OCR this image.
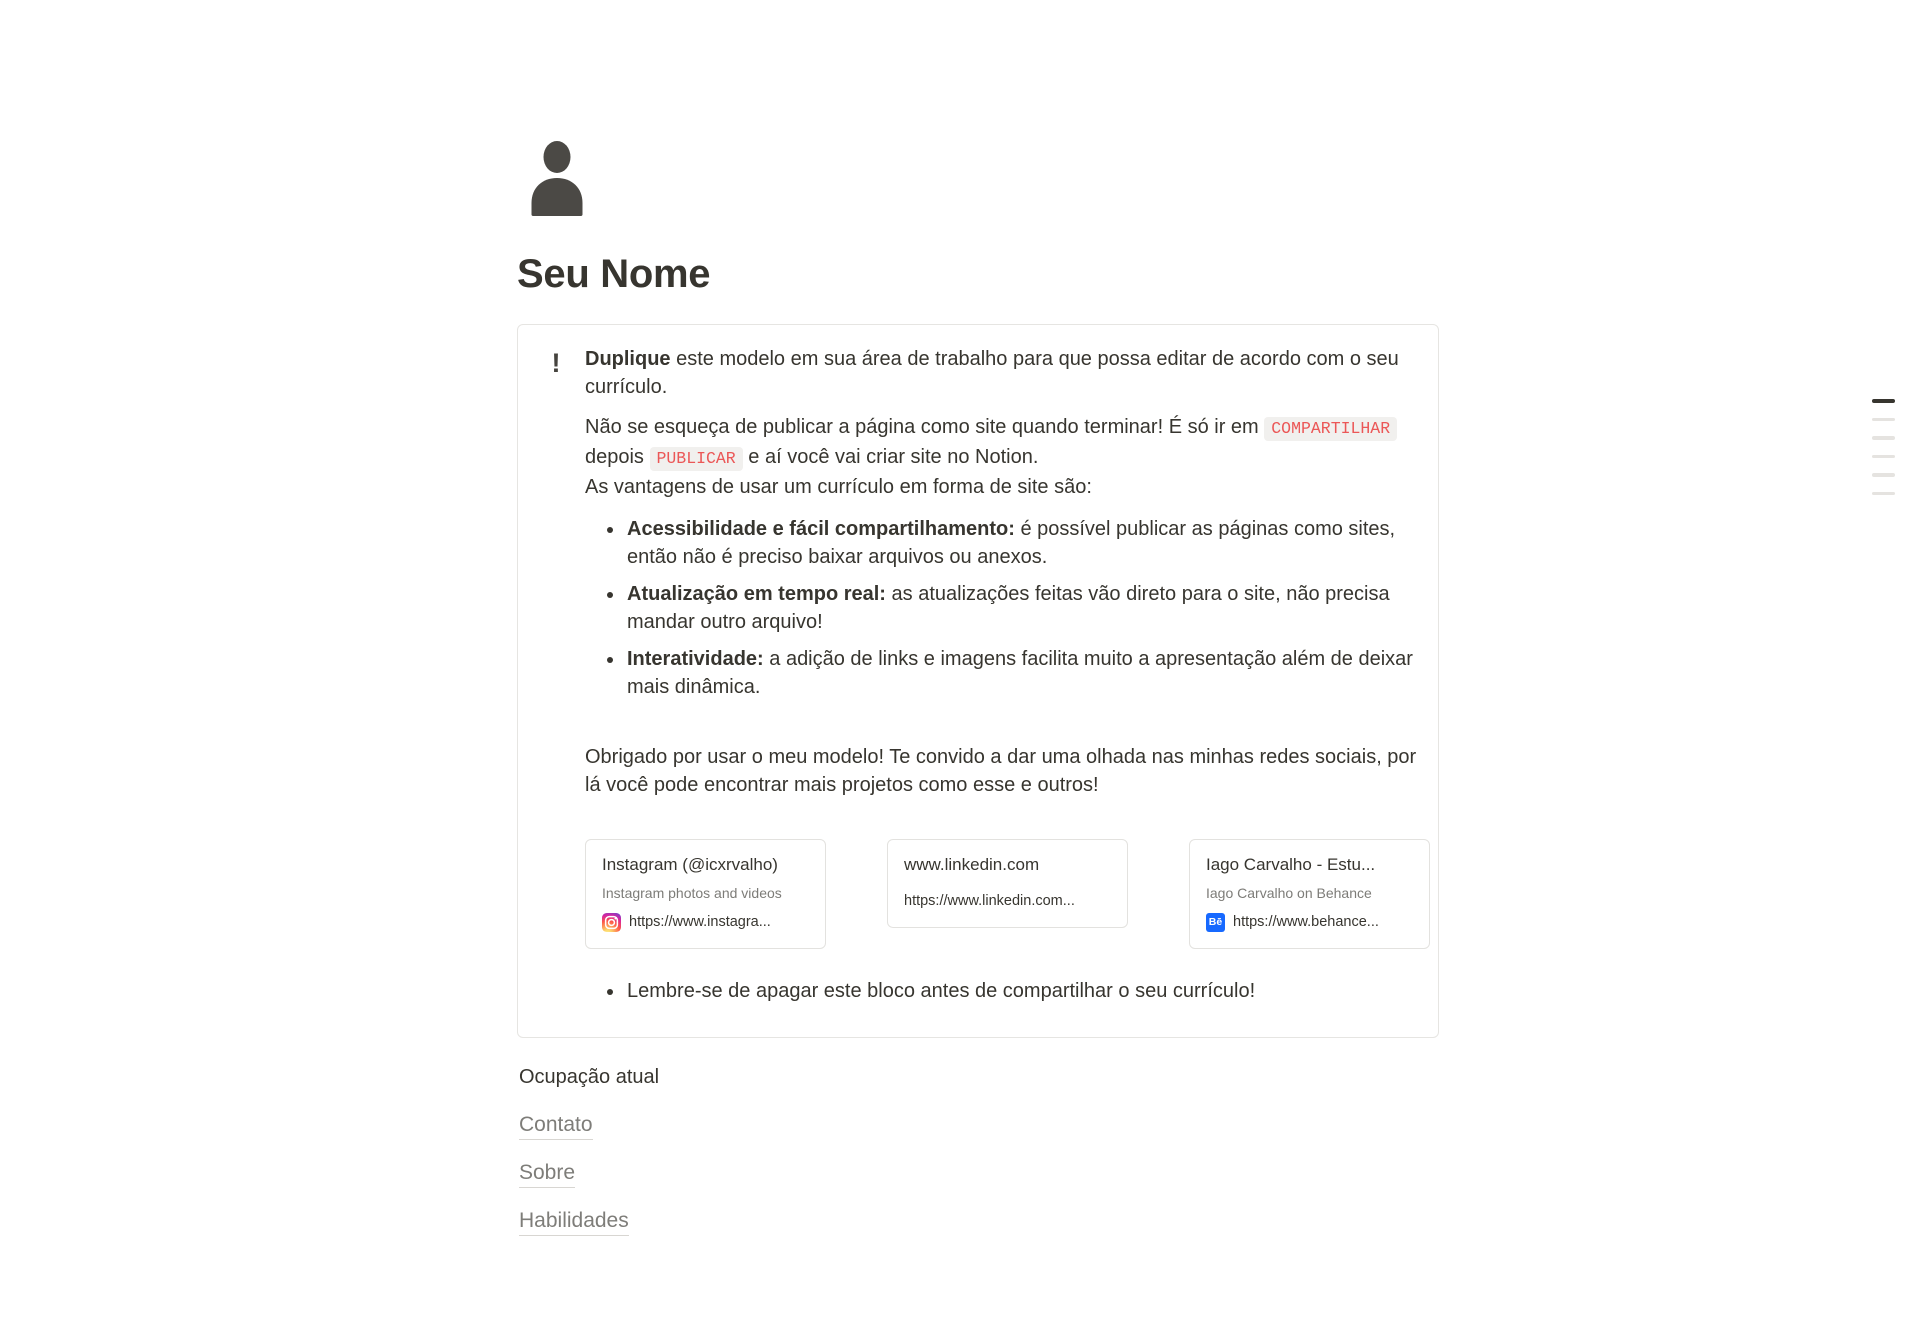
Seu Nome
!	Duplique este modelo em sua área de trabalho para que possa editar de acordo com o seu currículo.

Não se esqueça de publicar a página como site quando terminar! É só ir em COMPARTILHAR
depois PUBLICAR e aí você vai criar site no Notion.
As vantagens de usar um currículo em forma de site são:

• Acessibilidade e fácil compartilhamento: é possível publicar as páginas como sites, então não é preciso baixar arquivos ou anexos.
• Atualização em tempo real: as atualizações feitas vão direto para o site, não precisa mandar outro arquivo!
• Interatividade: a adição de links e imagens facilita muito a apresentação além de deixar mais dinâmica.

Obrigado por usar o meu modelo! Te convido a dar uma olhada nas minhas redes sociais, por lá você pode encontrar mais projetos como esse e outros!

Instagram (@icxrvalho)
Instagram photos and videos
https://www.instagra...
www.linkedin.com
https://www.linkedin.com...
Iago Carvalho - Estu...
Iago Carvalho on Behance
Bē https://www.behance...
• Lembre-se de apagar este bloco antes de compartilhar o seu currículo!
Ocupação atual
Contato
Sobre
Habilidades
